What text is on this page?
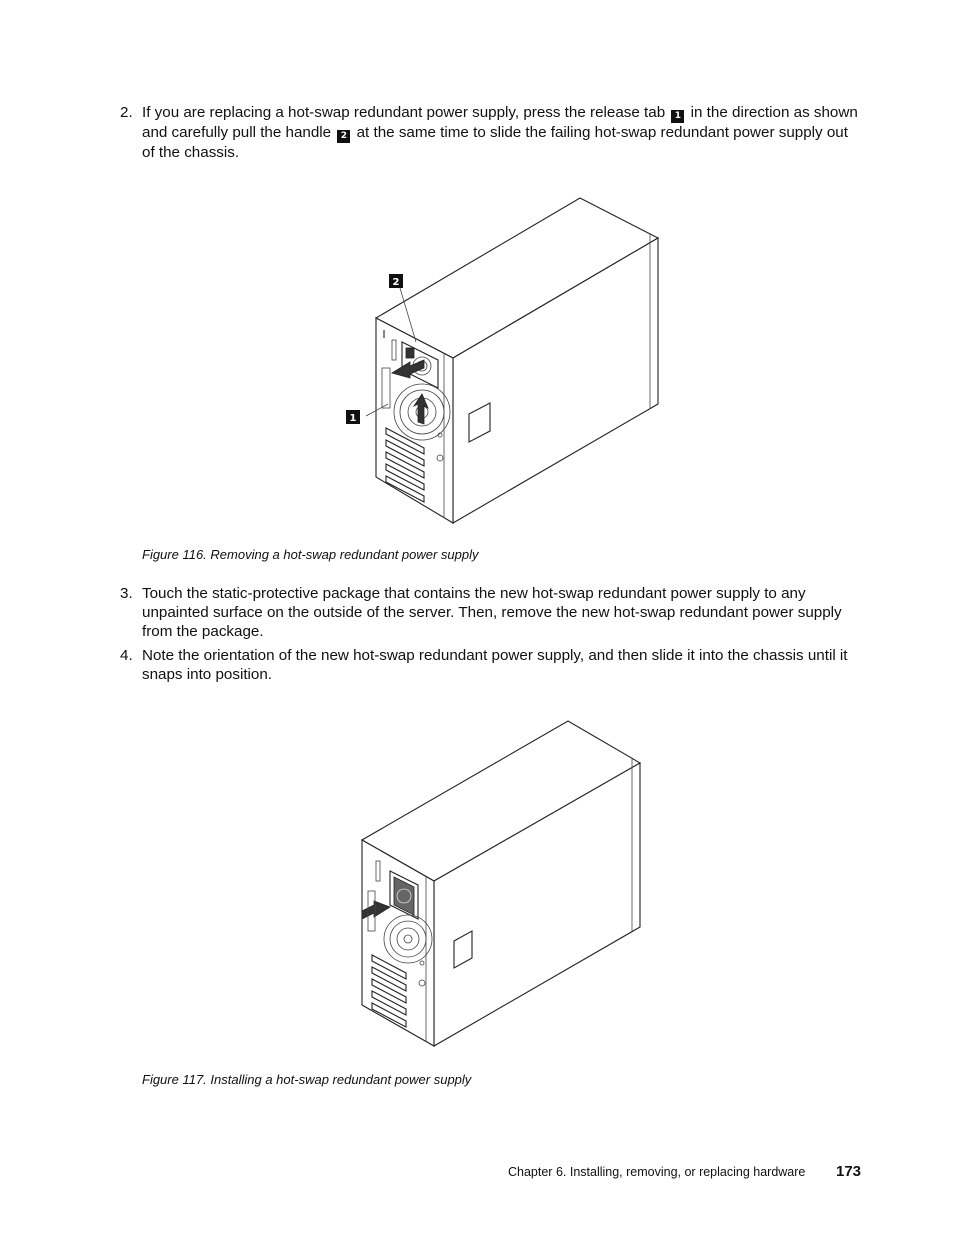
2. If you are replacing a hot-swap redundant power supply, press the release tab 1 in the direction as shown and carefully pull the handle 2 at the same time to slide the failing hot-swap redundant power supply out of the chassis.
2
1
Figure 116. Removing a hot-swap redundant power supply
3. Touch the static-protective package that contains the new hot-swap redundant power supply to any unpainted surface on the outside of the server. Then, remove the new hot-swap redundant power supply from the package.
4. Note the orientation of the new hot-swap redundant power supply, and then slide it into the chassis until it snaps into position.
Figure 117. Installing a hot-swap redundant power supply
Chapter 6. Installing, removing, or replacing hardware 173
